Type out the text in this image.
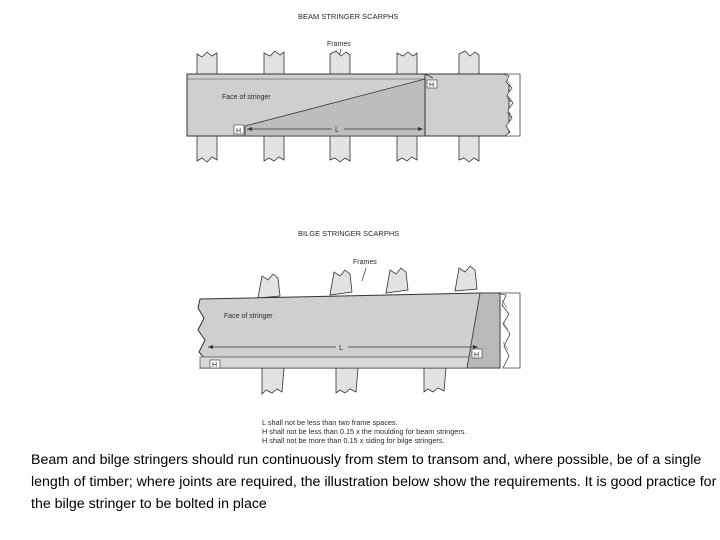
BEAM STRINGER SCARPHS
Frames
Face of stringer
H
H	L
BILGE STRINGER SCARPHS
Frames
Face of stringer
L
H
H
L shall not be less than two frame spaces.
H shall not be less than 0.15 x the moulding for beam stringers.
H shall not be more than 0.15 x siding for bilge stringers.
Beam and bilge stringers should run continuously from stem to transom and, where possible, be of a single length of timber; where joints are required, the illustration below show the requirements. It is good practice for the bilge stringer to be bolted in place
